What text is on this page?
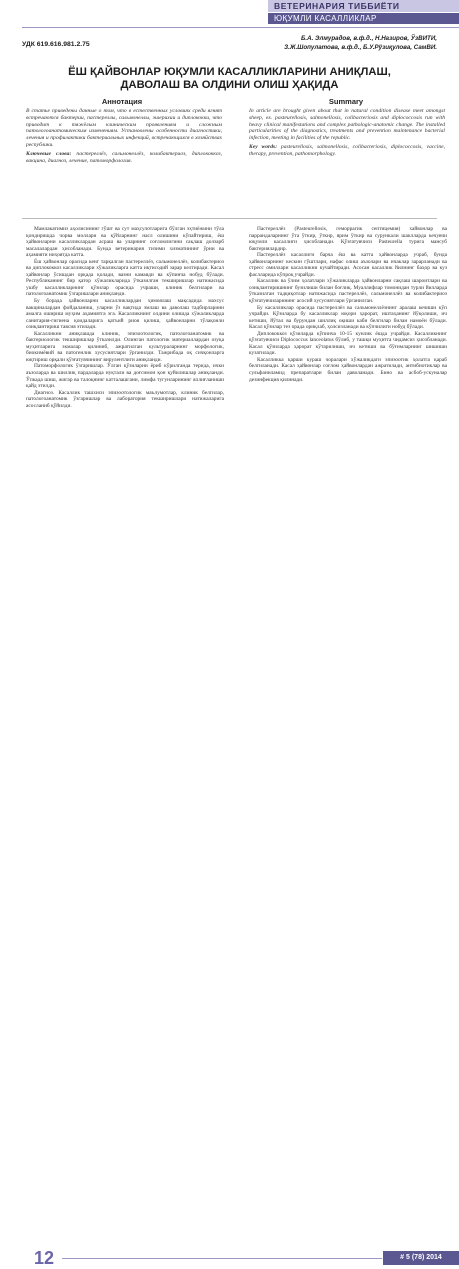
ВЕТЕРИНАРИЯ ТИББИЁТИ
ЮҚУМЛИ КАСАЛЛИКЛАР
УДК 619.616.981.2.75
Б.А. Элмурадов, в.ф.д., Н.Назиров, ЎзВИТИ,
З.Ж.Шопулатова, в.ф.д., Б.У.Рўзиқулова, СамВИ.
ЁШ ҚАЙВОНЛАР ЮҚУМЛИ КАСАЛЛИКЛАРИНИ АНИҚЛАШ,
ДАВОЛАШ ВА ОЛДИНИ ОЛИШ ҲАҚИДА
Аннотация	Summary
В статье приведены данные о том, что в естественных условиях среди ягнят встречаются бактерии, пастереллы, сальмонеллы, эшерихии и диплококки, что приводит к тяжёлым клиническим проявлениям и сложным патологоанатомическим изменениям. Установлены особенности диагностики, лечения и профилактики бактериальных инфекций, встречающихся в хозяйствах республики.
Ключевые слова: пастереллёз, сальмонеллёз, колибактериоз, диплококкоз, вакцина, диагноз, лечение, патоморфология.
In article are brought given about that in natural condition disease meet amongst sheep, ex. pasteurellosis, salmonellosis, colibacteriosis and diplococcosis run with heavy clinical manifestations and complex pathologic-anatomic change. The installed particularities of the diagnostics, treatments and prevention maintenance bacterial infection, meeting in facilities of the republic.
Key words: pasteurellosis, salmonellosis, colibacteriosis, diplococcosis, vaccine, therapy, prevention, pathomorphology.

Мамлакатимиз аҳолисининг гўшт ва сут маҳсулотларига бўлган эҳтиёжини тўла қондиришда чорва моллари ва қўйларнинг насл олишини кўпайтириш, ёш ҳайвонларни касалликлардан асраш ва уларнинг соғломлигини сақлаш долзарб масалалардан ҳисобланади. Бунда ветеринария тизими хизматининг ўрни ва аҳамияти ниҳоятда катта.

Ёш ҳайвонлар орасида кенг тарқалган пастереллёз, сальмонеллёз, колибактериоз ва диплококкоз касалликлари хўжаликларга катта иқтисодий зарар келтиради. Касал ҳайвонлар ўсишдан орқада қолади, вазни камаяди ва кўпинча нобуд бўлади. Республиканинг бир қатор хўжаликларида ўтказилган текширишлар натижасида ушбу касалликларнинг қўзилар орасида учраши, клиник белгилари ва патологоанатомик ўзгаришлари аниқланди.

Бу борада ҳайвонларни касалликлардан ҳимоялаш мақсадида махсус вакциналардан фойдаланиш, уларни ўз вақтида эмлаш ва даволаш тадбирларини амалга ошириш муҳим аҳамиятга эга. Касалликнинг олдини олишда хўжаликларда санитария-гигиена қоидаларига қатъий риоя қилиш, ҳайвонларни тўлақонли озиқлантириш тавсия этилади.

Касалликни аниқлашда клиник, эпизоотологик, патологоанатомик ва бактериологик текширишлар ўтказилди. Олинган патологик материаллардан озуқа муҳитларига экмалар қилиниб, ажратилган культураларнинг морфологик, биокимёвий ва патогенлик хусусиятлари ўрганилди. Тажрибада оқ сичқонларга юқтириш орқали қўзғатувчининг вирулентлиги аниқланди.

Патоморфологик ўзгаришлар. Ўлган қўзиларни ёриб кўрилганда терида, ички аъзоларда ва шиллиқ пардаларда нуқтали ва доғсимон қон қуйилишлар аниқланди. Ўпкада шиш, жигар ва талоқнинг катталашгани, лимфа тугунларининг яллиғланиши қайд этилди.

Диагноз. Касаллик ташхиси эпизоотологик маълумотлар, клиник белгилар, патологоанатомик ўзгаришлар ва лаборатория текширишлари натижаларига асосланиб қўйилди.

Пастереллёз (Pasteurellosis, геморрагик септицемия) хайвонлар ва паррандаларнинг ўта ўткир, ўткир, ярим ўткир ва сурункали шаклларда кечувчи юқумли касаллиги ҳисобланади. Қўзғатувчиси Pasteurella турига мансуб бактериялардир.

Пастереллёз касаллиги барча ёш ва катта ҳайвонларда учраб, бунда ҳайвонларнинг кескин гўштлари, нафас олиш аъзолари ва ичаклар зарарланади ва стресс омиллари касалликни кучайтиради. Асосан касаллик йилнинг баҳор ва куз фаслларида кўпроқ учрайди.

Касаллик ва ўлим ҳолатлари хўжаликларда ҳайвонларни сақлаш шароитлари ва озиқлантиришнинг бузилиши билан боғлиқ. Муаллифлар томонидан турли йилларда ўтказилган тадқиқотлар натижасида пастереллёз, сальмонеллёз ва колибактериоз қўзғатувчиларининг асосий хусусиятлари ўрганилган.

Бу касалликлар орасида пастереллёз ва сальмонеллёзнинг аралаш кечиши кўп учрайди. Қўзиларда бу касалликлар юқори ҳарорат, иштаҳанинг йўқолиши, ич кетиши, йўтал ва бурундан шиллиқ оқиши каби белгилар билан намоён бўлади. Касал қўзилар тез орада ориқлаб, ҳолсизланади ва кўпчилиги нобуд бўлади.

Диплококкоз қўзиларда кўпинча 10-15 кунлик ёшда учрайди. Касалликнинг қўзғатувчиси Diplococcus lanceolatus бўлиб, у ташқи муҳитга чидамсиз ҳисобланади. Касал қўзиларда ҳарорат кўтарилиши, ич кетиши ва бўғимларнинг шишиши кузатилади.

Касалликка қарши кураш чоралари хўжаликдаги эпизоотик ҳолатга қараб белгиланади. Касал ҳайвонлар соғлом ҳайвонлардан ажратилади, антибиотиклар ва сульфаниламид препаратлари билан даволанади. Бино ва асбоб-ускуналар дезинфекция қилинади.

12	# 5 (78) 2014
